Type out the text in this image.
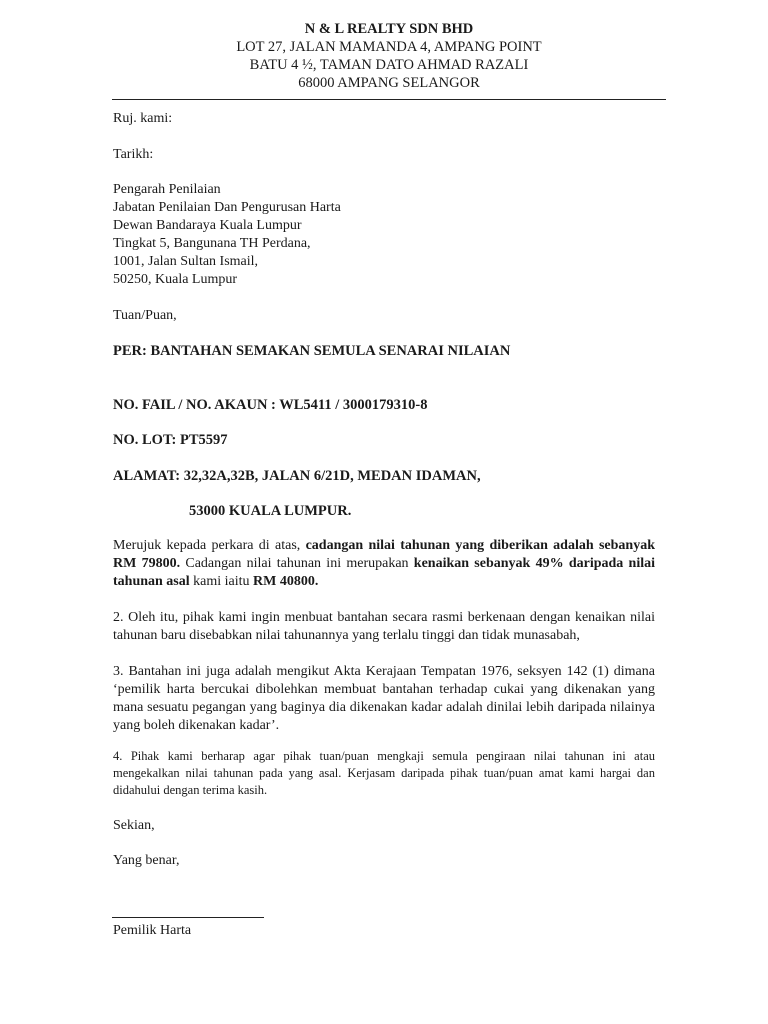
N & L REALTY SDN BHD
LOT 27, JALAN MAMANDA 4, AMPANG POINT
BATU 4 ½, TAMAN DATO AHMAD RAZALI
68000 AMPANG SELANGOR
Ruj. kami:
Tarikh:
Pengarah Penilaian
Jabatan Penilaian Dan Pengurusan Harta
Dewan Bandaraya Kuala Lumpur
Tingkat 5, Bangunana TH Perdana,
1001, Jalan Sultan Ismail,
50250, Kuala Lumpur
Tuan/Puan,
PER: BANTAHAN SEMAKAN SEMULA SENARAI NILAIAN
NO. FAIL / NO. AKAUN : WL5411 / 3000179310-8
NO. LOT: PT5597
ALAMAT: 32,32A,32B, JALAN 6/21D, MEDAN IDAMAN,
53000 KUALA LUMPUR.
Merujuk kepada perkara di atas, cadangan nilai tahunan yang diberikan adalah sebanyak RM 79800. Cadangan nilai tahunan ini merupakan kenaikan sebanyak 49% daripada nilai tahunan asal kami iaitu RM 40800.
2. Oleh itu, pihak kami ingin menbuat bantahan secara rasmi berkenaan dengan kenaikan nilai tahunan baru disebabkan nilai tahunannya yang terlalu tinggi dan tidak munasabah,
3. Bantahan ini juga adalah mengikut Akta Kerajaan Tempatan 1976, seksyen 142 (1) dimana ‘pemilik harta bercukai dibolehkan membuat bantahan terhadap cukai yang dikenakan yang mana sesuatu pegangan yang baginya dia dikenakan kadar adalah dinilai lebih daripada nilainya yang boleh dikenakan kadar’.
4. Pihak kami berharap agar pihak tuan/puan mengkaji semula pengiraan nilai tahunan ini atau mengekalkan nilai tahunan pada yang asal. Kerjasam daripada pihak tuan/puan amat kami hargai dan didahului dengan terima kasih.
Sekian,
Yang benar,
Pemilik Harta
